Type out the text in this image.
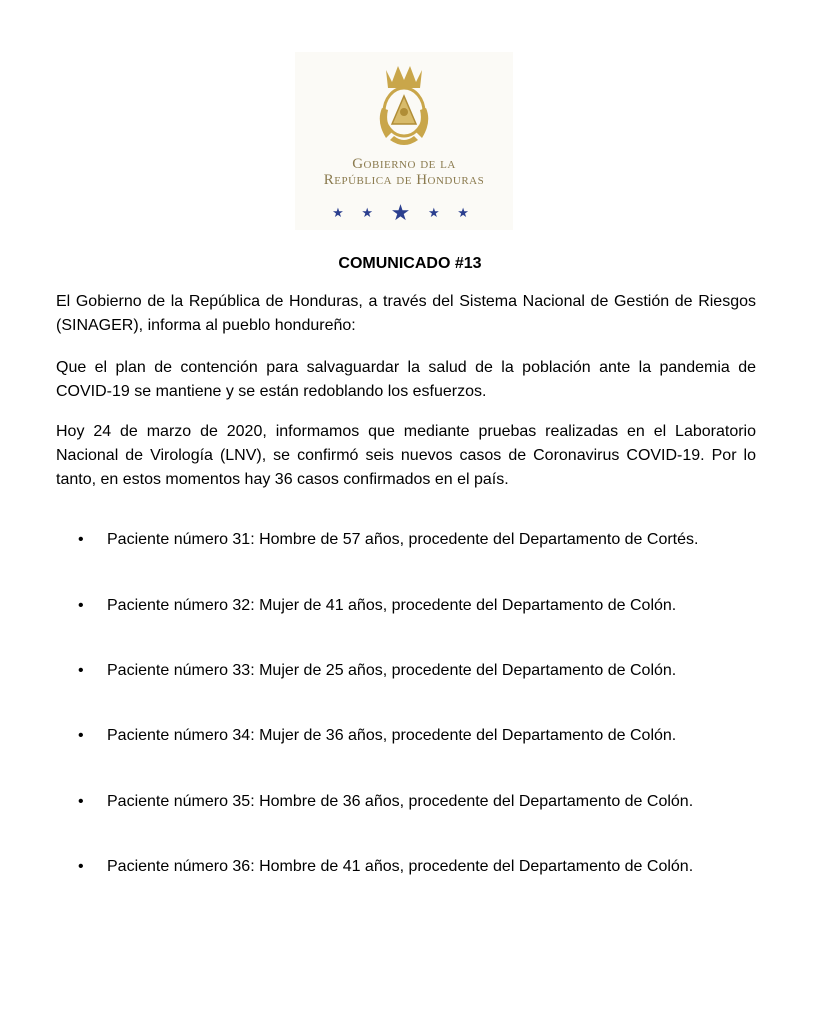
Gobierno de la
República de Honduras
★ ★ ★ ★ ★
COMUNICADO #13
El Gobierno de la República de Honduras, a través del Sistema Nacional de Gestión de Riesgos (SINAGER), informa al pueblo hondureño:
Que el plan de contención para salvaguardar la salud de la población ante la pandemia de COVID-19 se mantiene y se están redoblando los esfuerzos.
Hoy 24 de marzo de 2020, informamos que mediante pruebas realizadas en el Laboratorio Nacional de Virología (LNV), se confirmó seis nuevos casos de Coronavirus COVID-19. Por lo tanto, en estos momentos hay 36 casos confirmados en el país.
• Paciente número 31: Hombre de 57 años, procedente del Departamento de Cortés.
• Paciente número 32: Mujer de 41 años, procedente del Departamento de Colón.
• Paciente número 33: Mujer de 25 años, procedente del Departamento de Colón.
• Paciente número 34: Mujer de 36 años, procedente del Departamento de Colón.
• Paciente número 35: Hombre de 36 años, procedente del Departamento de Colón.
• Paciente número 36: Hombre de 41 años, procedente del Departamento de Colón.
